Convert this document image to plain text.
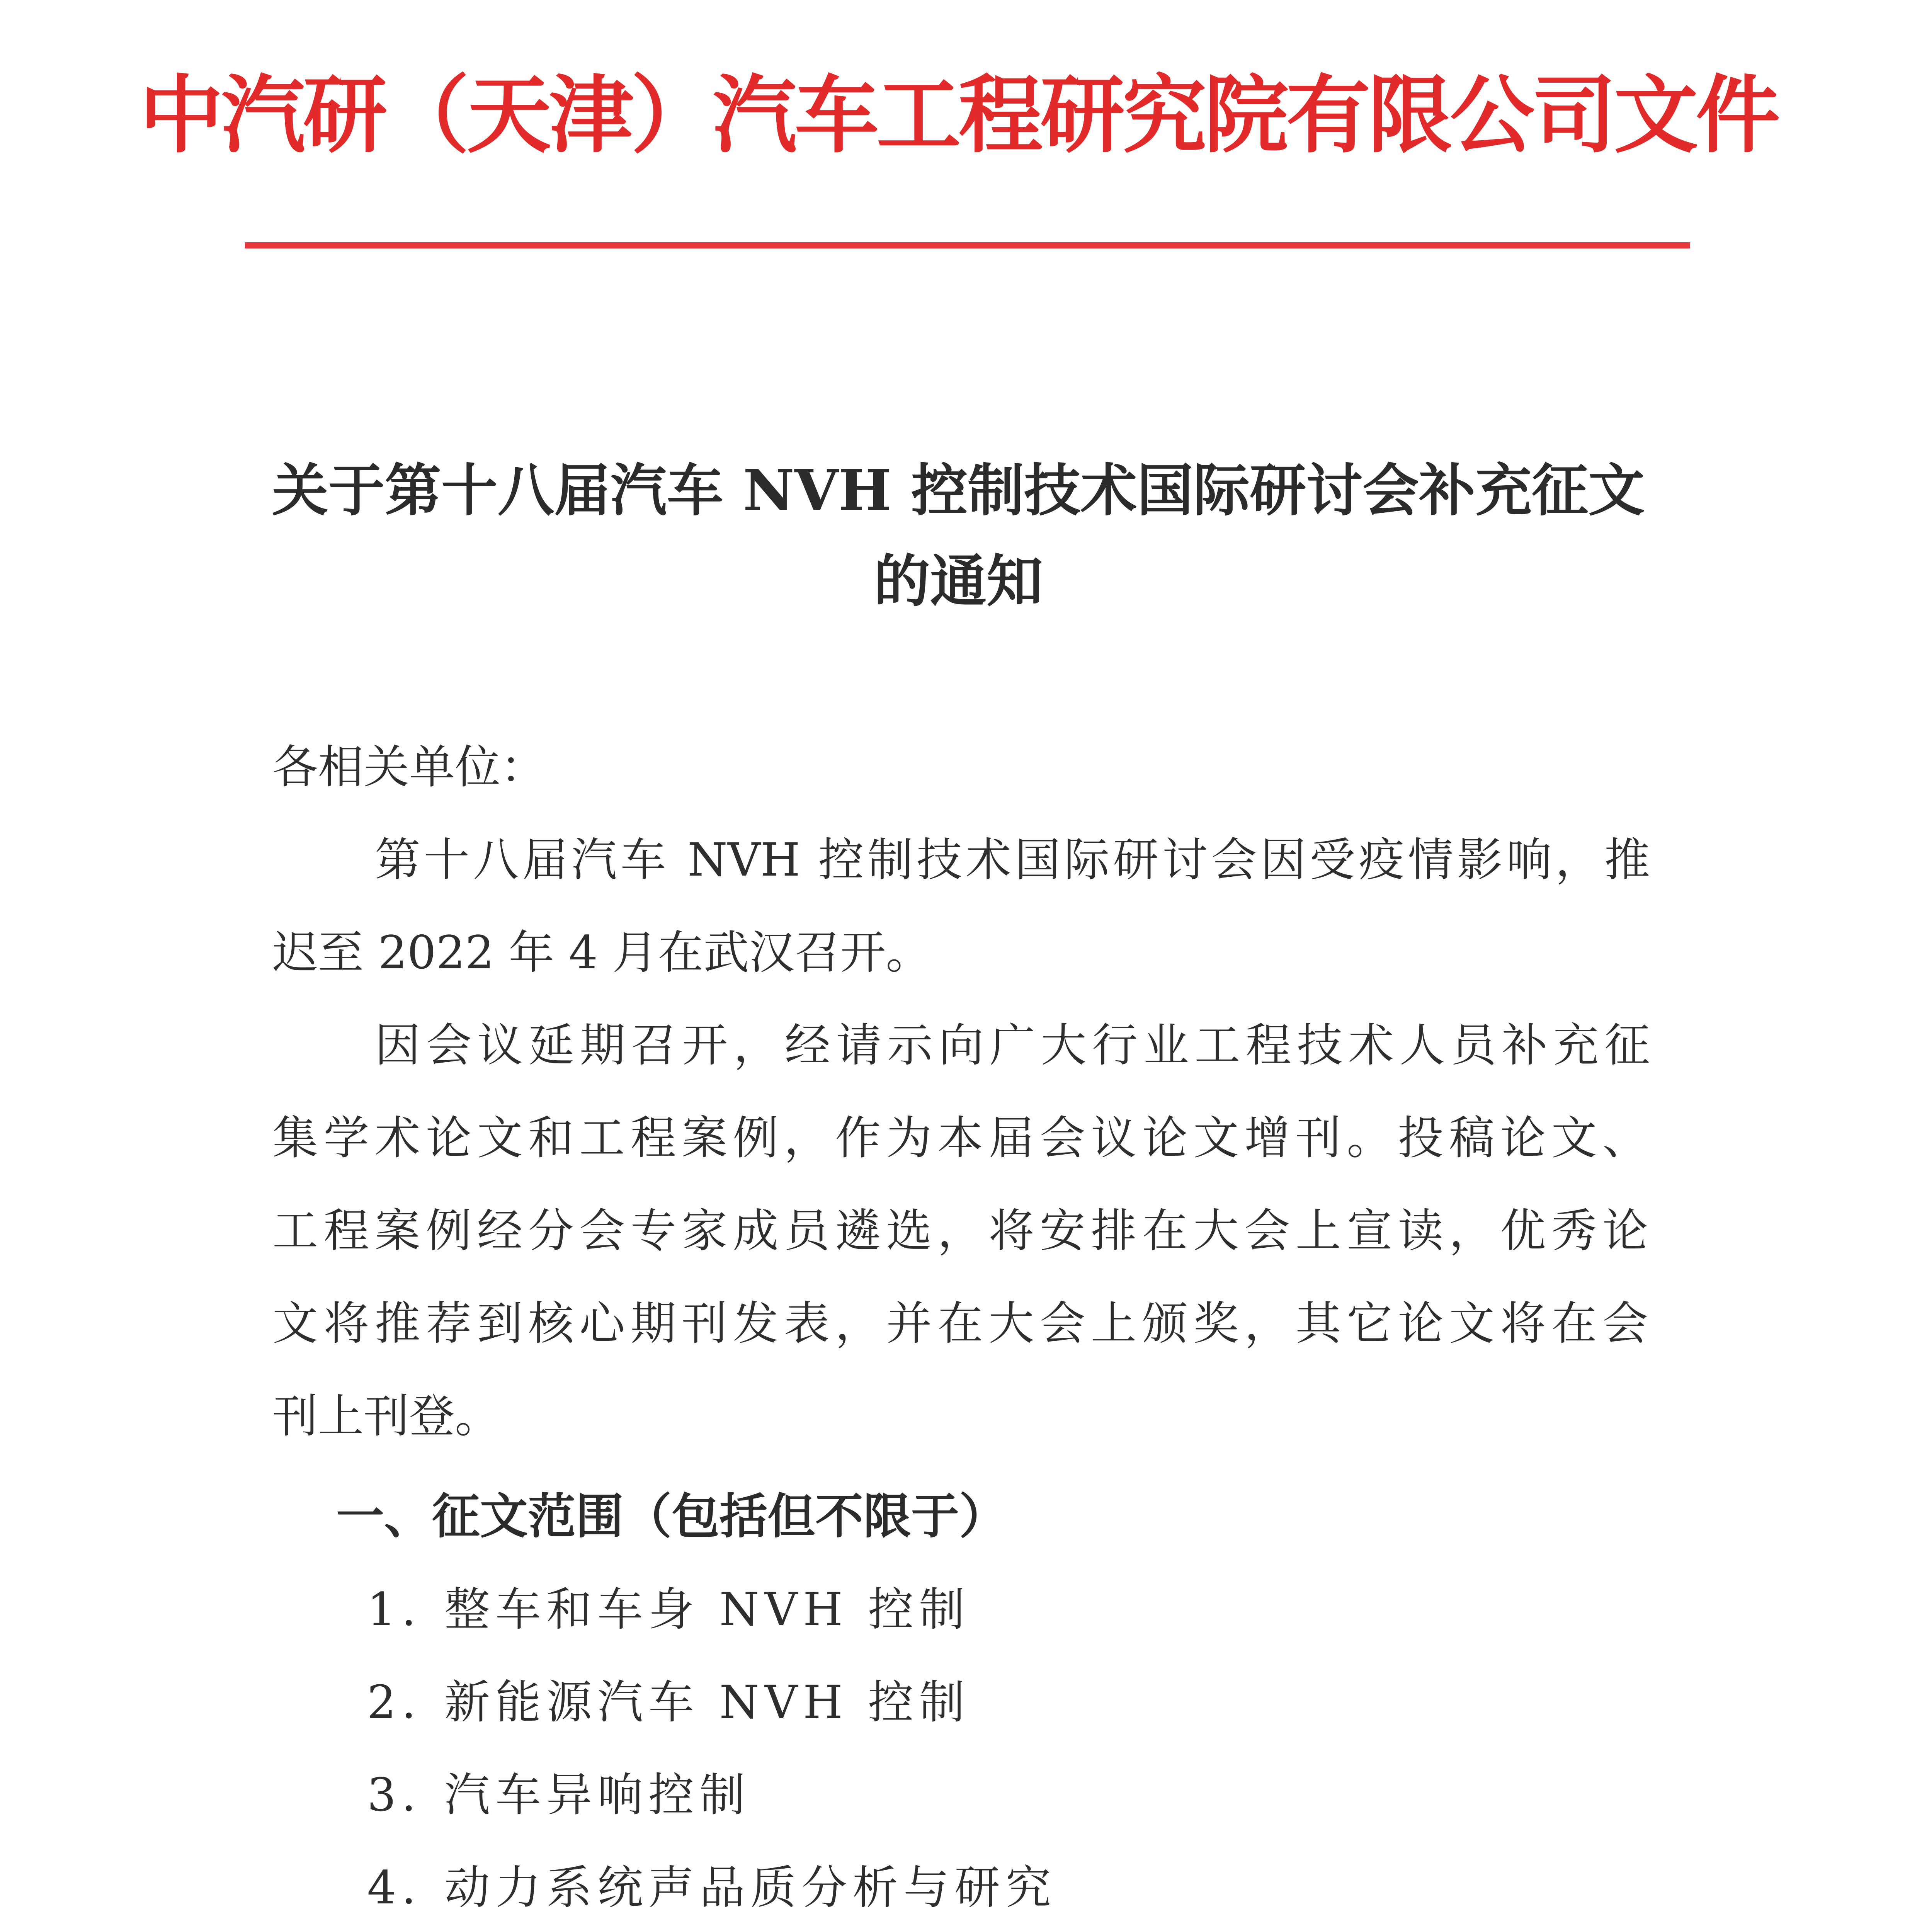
中汽研（天津）汽车工程研究院有限公司文件
关于第十八届汽车 NVH 控制技术国际研讨会补充征文
的通知
各相关单位：
第十八届汽车 NVH 控制技术国际研讨会因受疫情影响，推
迟至 2022 年 4 月在武汉召开。
因会议延期召开，经请示向广大行业工程技术人员补充征
集学术论文和工程案例，作为本届会议论文增刊。投稿论文、
工程案例经分会专家成员遴选，将安排在大会上宣读，优秀论
文将推荐到核心期刊发表，并在大会上颁奖，其它论文将在会
刊上刊登。
一、征文范围（包括但不限于）
1. 整车和车身 NVH 控制
2. 新能源汽车 NVH 控制
3. 汽车异响控制
4. 动力系统声品质分析与研究
